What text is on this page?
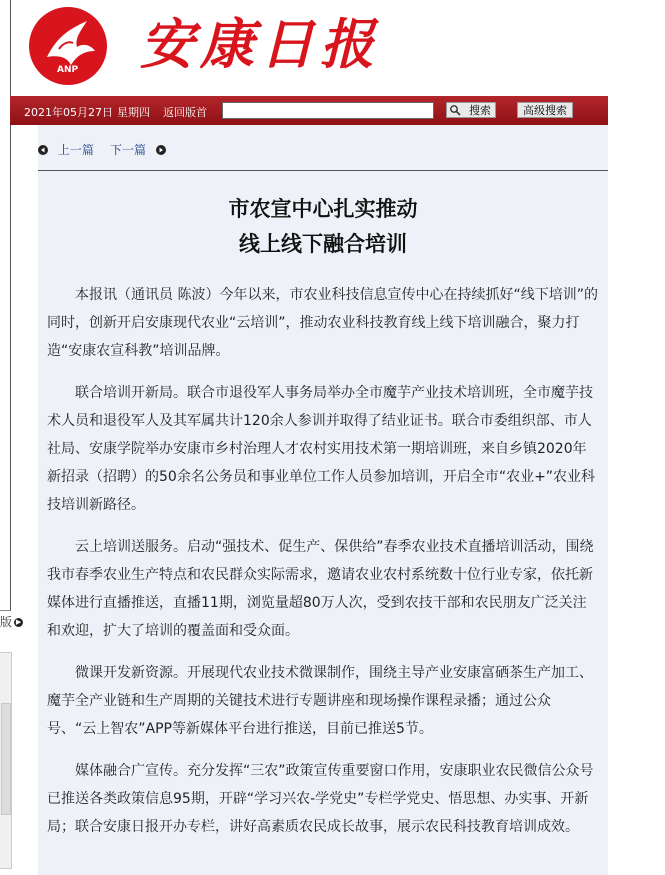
版 ▶
ANP 安康日报
2021年05月27日 星期四 返回版首	搜索	高级搜索
上一篇 下一篇
市农宣中心扎实推动
线上线下融合培训

本报讯（通讯员 陈波）今年以来，市农业科技信息宣传中心在持续抓好“线下培训”的同时，创新开启安康现代农业“云培训”，推动农业科技教育线上线下培训融合，聚力打造“安康农宣科教”培训品牌。

联合培训开新局。联合市退役军人事务局举办全市魔芋产业技术培训班，全市魔芋技术人员和退役军人及其军属共计120余人参训并取得了结业证书。联合市委组织部、市人社局、安康学院举办安康市乡村治理人才农村实用技术第一期培训班，来自乡镇2020年新招录（招聘）的50余名公务员和事业单位工作人员参加培训，开启全市“农业+”农业科技培训新路径。

云上培训送服务。启动“强技术、促生产、保供给”春季农业技术直播培训活动，围绕我市春季农业生产特点和农民群众实际需求，邀请农业农村系统数十位行业专家，依托新媒体进行直播推送，直播11期，浏览量超80万人次，受到农技干部和农民朋友广泛关注和欢迎，扩大了培训的覆盖面和受众面。

微课开发新资源。开展现代农业技术微课制作，围绕主导产业安康富硒茶生产加工、魔芋全产业链和生产周期的关键技术进行专题讲座和现场操作课程录播；通过公众号、“云上智农”APP等新媒体平台进行推送，目前已推送5节。

媒体融合广宣传。充分发挥“三农”政策宣传重要窗口作用，安康职业农民微信公众号已推送各类政策信息95期，开辟“学习兴农-学党史”专栏学党史、悟思想、办实事、开新局；联合安康日报开办专栏，讲好高素质农民成长故事，展示农民科技教育培训成效。
